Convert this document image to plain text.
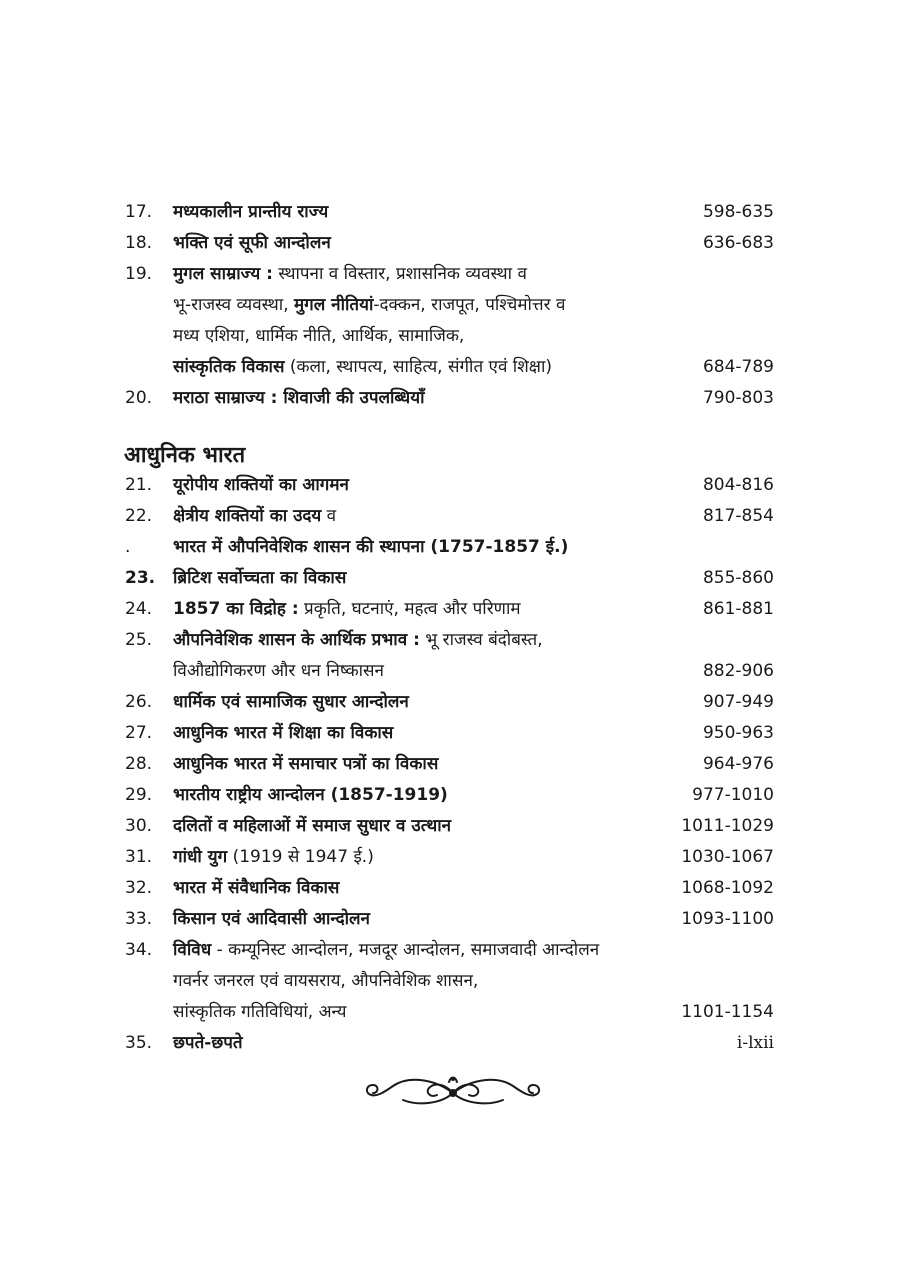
17.	मध्यकालीन प्रान्तीय राज्य	598-635
18.	भक्ति एवं सूफी आन्दोलन	636-683
19.	मुगल साम्राज्य : स्थापना व विस्तार, प्रशासनिक व्यवस्था व
भू-राजस्व व्यवस्था, मुगल नीतियां-दक्कन, राजपूत, पश्चिमोत्तर व
मध्य एशिया, धार्मिक नीति, आर्थिक, सामाजिक,
सांस्कृतिक विकास (कला, स्थापत्य, साहित्य, संगीत एवं शिक्षा)	684-789
20.	मराठा साम्राज्य : शिवाजी की उपलब्धियाँ	790-803
आधुनिक भारत
21.	यूरोपीय शक्तियों का आगमन	804-816
22.	क्षेत्रीय शक्तियों का उदय व	817-854
.	भारत में औपनिवेशिक शासन की स्थापना (1757-1857 ई.)
23.	ब्रिटिश सर्वोच्चता का विकास	855-860
24.	1857 का विद्रोह : प्रकृति, घटनाएं, महत्व और परिणाम	861-881
25.	औपनिवेशिक शासन के आर्थिक प्रभाव : भू राजस्व बंदोबस्त,
विऔद्योगिकरण और धन निष्कासन	882-906
26.	धार्मिक एवं सामाजिक सुधार आन्दोलन	907-949
27.	आधुनिक भारत में शिक्षा का विकास	950-963
28.	आधुनिक भारत में समाचार पत्रों का विकास	964-976
29.	भारतीय राष्ट्रीय आन्दोलन (1857-1919)	977-1010
30.	दलितों व महिलाओं में समाज सुधार व उत्थान	1011-1029
31.	गांधी युग (1919 से 1947 ई.)	1030-1067
32.	भारत में संवैधानिक विकास	1068-1092
33.	किसान एवं आदिवासी आन्दोलन	1093-1100
34.	विविध - कम्यूनिस्ट आन्दोलन, मजदूर आन्दोलन, समाजवादी आन्दोलन
गवर्नर जनरल एवं वायसराय, औपनिवेशिक शासन,
सांस्कृतिक गतिविधियां, अन्य	1101-1154
35.	छपते-छपते	i-lxii
